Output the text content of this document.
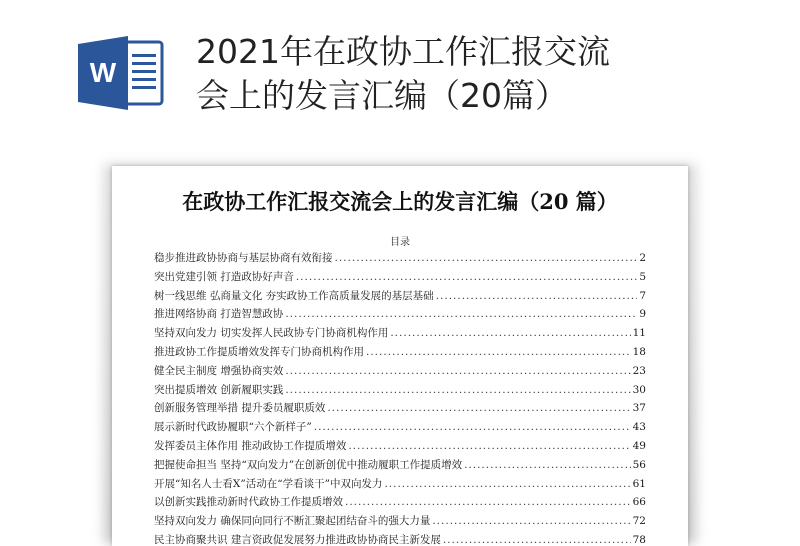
W
2021年在政协工作汇报交流
会上的发言汇编（20篇）
在政协工作汇报交流会上的发言汇编（20 篇）
目录
稳步推进政协协商与基层协商有效衔接 .....	2
突出党建引领 打造政协好声音 .....	5
树一线思维 弘商量文化 夯实政协工作高质量发展的基层基础 .....	7
推进网络协商 打造智慧政协 .....	9
坚持双向发力 切实发挥人民政协专门协商机构作用 .....	11
推进政协工作提质增效发挥专门协商机构作用 .....	18
健全民主制度 增强协商实效 .....	23
突出提质增效 创新履职实践 .....	30
创新服务管理举措 提升委员履职质效 .....	37
展示新时代政协履职“六个新样子” .....	43
发挥委员主体作用 推动政协工作提质增效 .....	49
把握使命担当 坚持“双向发力”在创新创优中推动履职工作提质增效 .....	56
开展“知名人士看X”活动在“学看谈干”中双向发力 .....	61
以创新实践推动新时代政协工作提质增效 .....	66
坚持双向发力 确保同向同行不断汇聚起团结奋斗的强大力量 .....	72
民主协商聚共识 建言资政促发展努力推进政协协商民主新发展 .....	78
